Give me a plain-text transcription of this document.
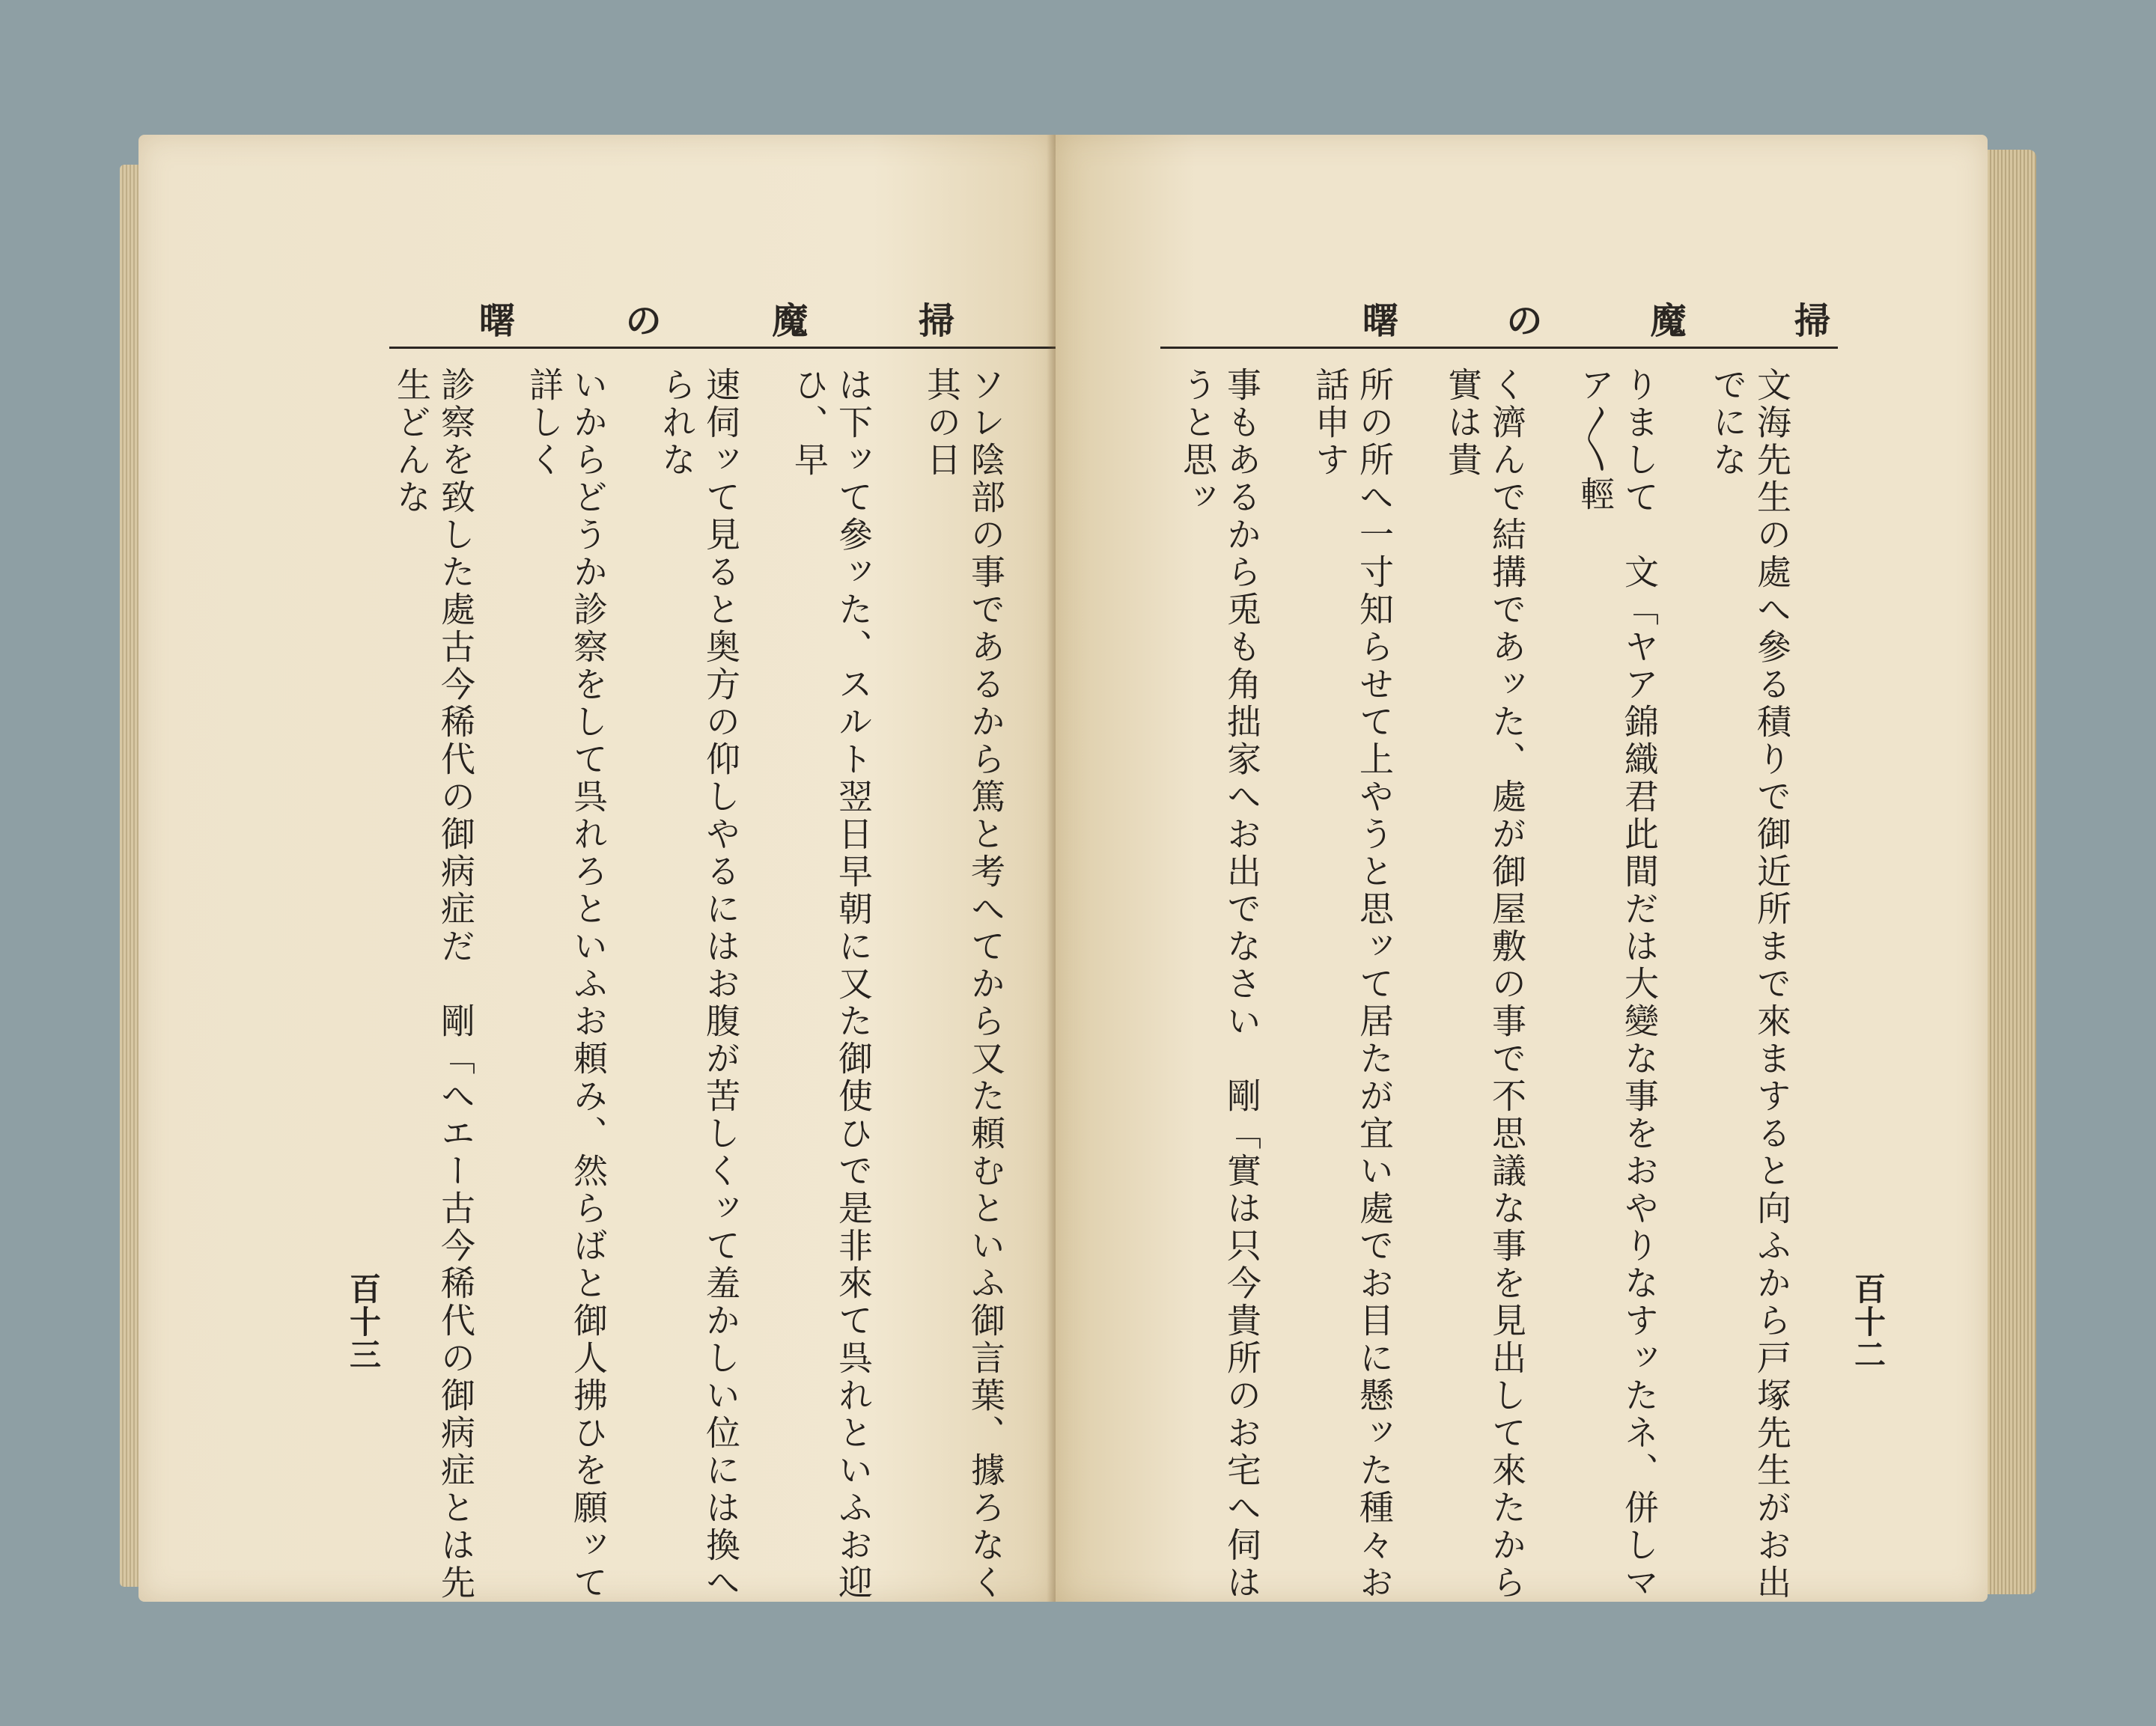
曙	の	魔	掃

ソレ陰部の事であるから篤と考へてから又た頼むといふ御言葉、據ろなく其の日

は下ッて參ッた、スルト翌日早朝に又た御使ひで是非來て呉れといふお迎ひ、早

速伺ッて見ると奥方の仰しやるにはお腹が苦しくッて羞かしい位には換へられな

いからどうか診察をして呉れろといふお頼み、然らばと御人拂ひを願ッて詳しく

診察を致した處古今稀代の御病症だ　剛「へエー古今稀代の御病症とは先生どんな

百十三
曙	の	魔	掃

文海先生の處へ參る積りで御近所まで來ますると向ふから戸塚先生がお出でにな

りまして　文「ヤア錦織君此間だは大變な事をおやりなすッたネ、併しマア〳〵輕

く濟んで結搆であッた、處が御屋敷の事で不思議な事を見出して來たから實は貴

所の所へ一寸知らせて上やうと思ッて居たが宜い處でお目に懸ッた種々お話申す

事もあるから兎も角拙家へお出でなさい　剛「實は只今貴所のお宅へ伺はうと思ッ

百十二
